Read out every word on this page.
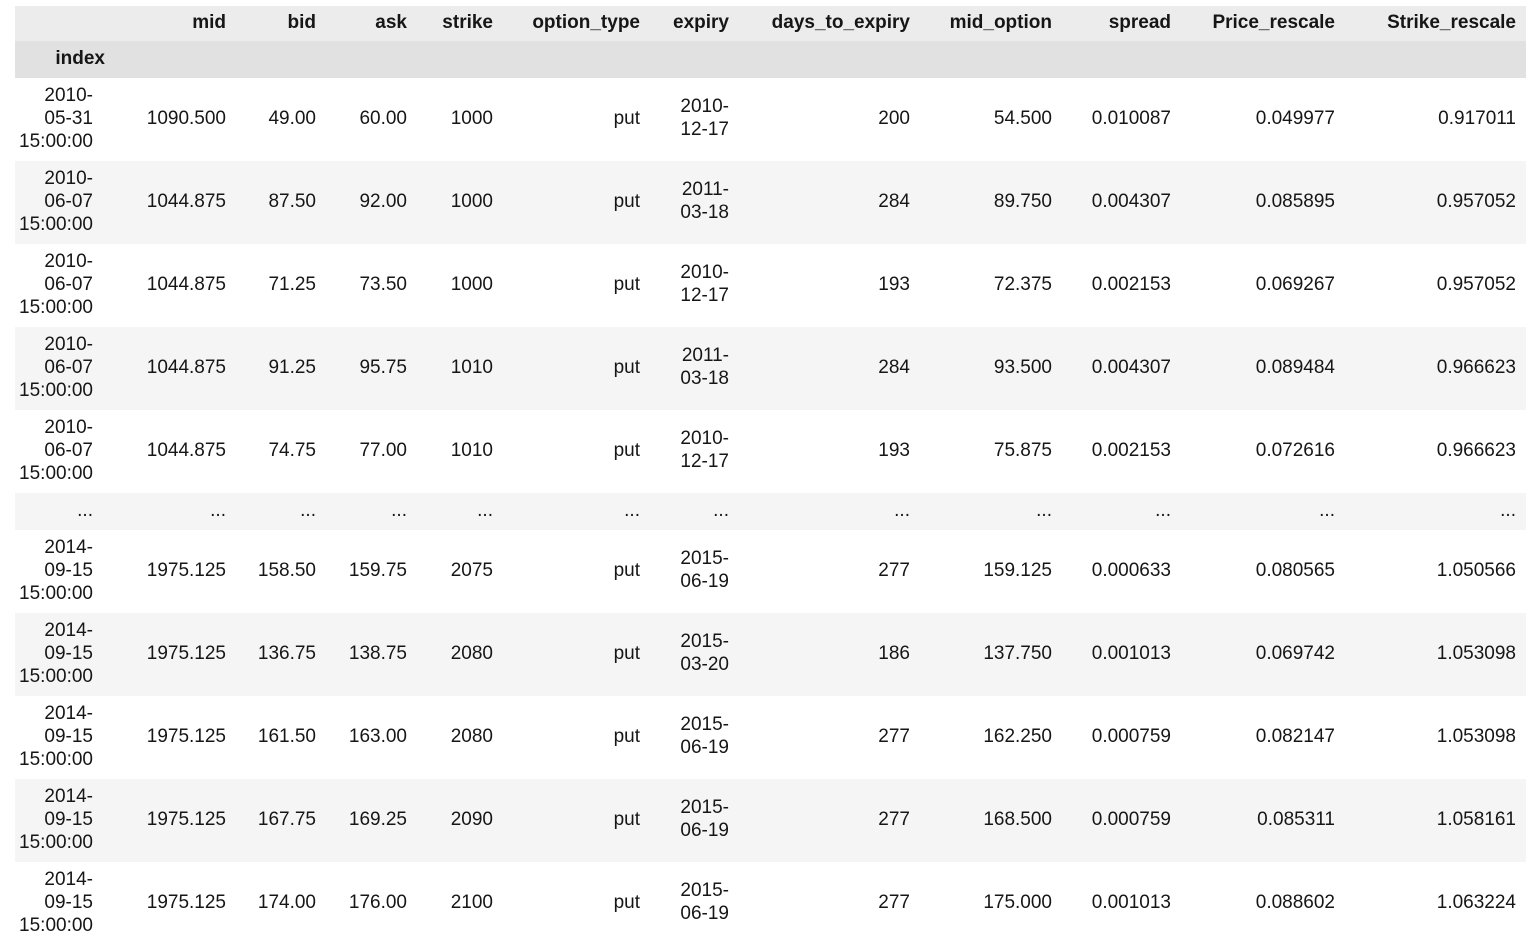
	mid	bid	ask	strike	option_type	expiry	days_to_expiry	mid_option	spread	Price_rescale	Strike_rescale
index											
2010-05-31 15:00:00	1090.500	49.00	60.00	1000	put	2010-12-17	200	54.500	0.010087	0.049977	0.917011
2010-06-07 15:00:00	1044.875	87.50	92.00	1000	put	2011-03-18	284	89.750	0.004307	0.085895	0.957052
2010-06-07 15:00:00	1044.875	71.25	73.50	1000	put	2010-12-17	193	72.375	0.002153	0.069267	0.957052
2010-06-07 15:00:00	1044.875	91.25	95.75	1010	put	2011-03-18	284	93.500	0.004307	0.089484	0.966623
2010-06-07 15:00:00	1044.875	74.75	77.00	1010	put	2010-12-17	193	75.875	0.002153	0.072616	0.966623
...	...	...	...	...	...	...	...	...	...	...	...
2014-09-15 15:00:00	1975.125	158.50	159.75	2075	put	2015-06-19	277	159.125	0.000633	0.080565	1.050566
2014-09-15 15:00:00	1975.125	136.75	138.75	2080	put	2015-03-20	186	137.750	0.001013	0.069742	1.053098
2014-09-15 15:00:00	1975.125	161.50	163.00	2080	put	2015-06-19	277	162.250	0.000759	0.082147	1.053098
2014-09-15 15:00:00	1975.125	167.75	169.25	2090	put	2015-06-19	277	168.500	0.000759	0.085311	1.058161
2014-09-15 15:00:00	1975.125	174.00	176.00	2100	put	2015-06-19	277	175.000	0.001013	0.088602	1.063224
